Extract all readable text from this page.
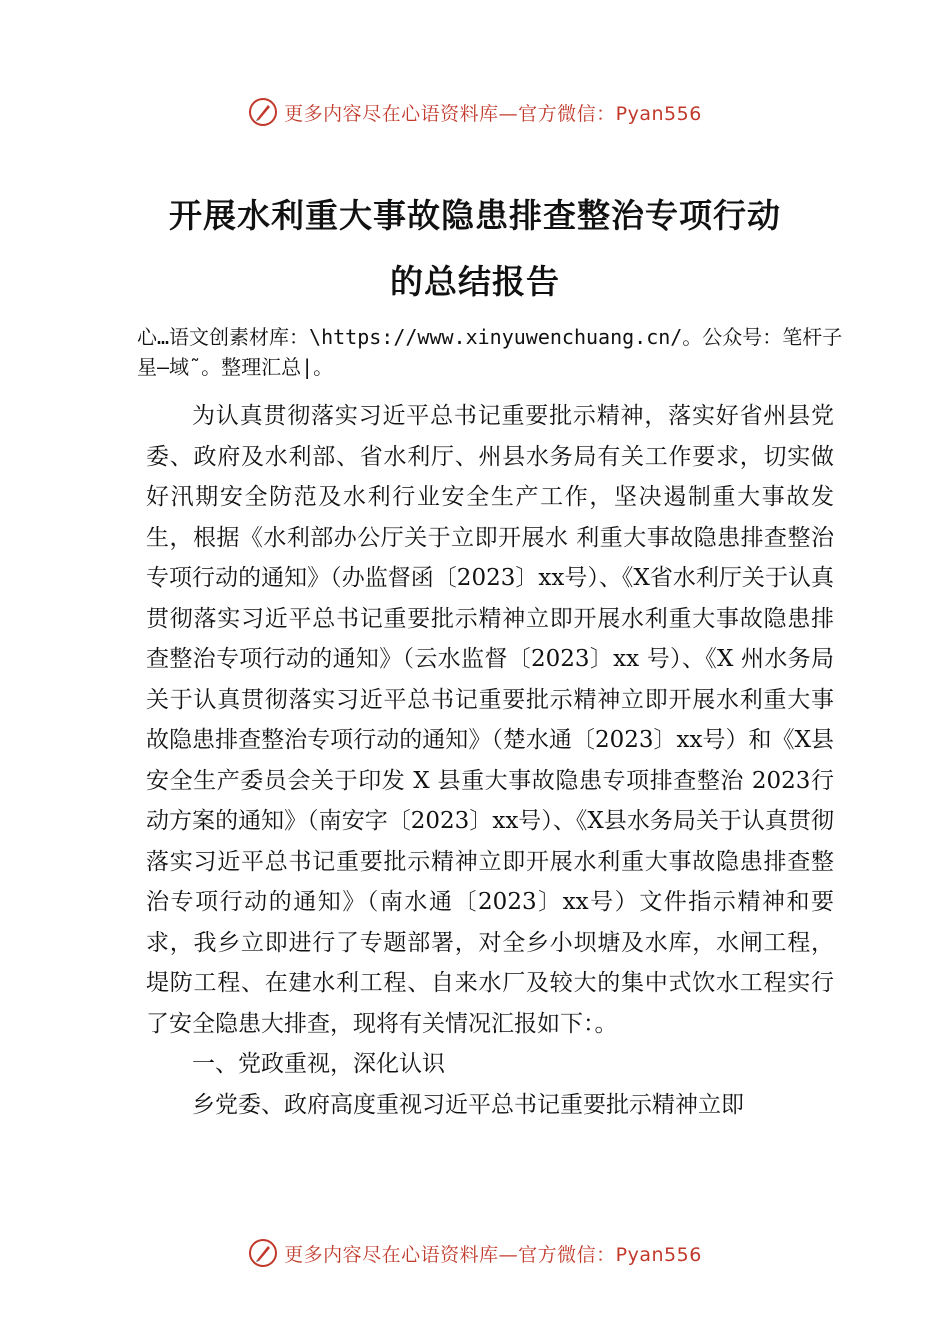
更多内容尽在心语资料库—官方微信：Pyan556
开展水利重大事故隐患排查整治专项行动
的总结报告
心…语文创素材库：\https://www.xinyuwenchuang.cn/。公众号：笔杆子星—域˜。整理汇总|。

为认真贯彻落实习近平总书记重要批示精神，落实好省州县党委、政府及水利部、省水利厅、州县水务局有关工作要求，切实做好汛期安全防范及水利行业安全生产工作，坚决遏制重大事故发生，根据《水利部办公厅关于立即开展水 利重大事故隐患排查整治专项行动的通知》（办监督函〔2023〕xx号）、《X省水利厅关于认真贯彻落实习近平总书记重要批示精神立即开展水利重大事故隐患排查整治专项行动的通知》（云水监督〔2023〕xx 号）、《X 州水务局关于认真贯彻落实习近平总书记重要批示精神立即开展水利重大事故隐患排查整治专项行动的通知》（楚水通〔2023〕xx号）和《X县安全生产委员会关于印发 X 县重大事故隐患专项排查整治 2023行动方案的通知》（南安字〔2023〕xx号）、《X县水务局关于认真贯彻落实习近平总书记重要批示精神立即开展水利重大事故隐患排查整治专项行动的通知》（南水通〔2023〕xx号）文件指示精神和要求，我乡立即进行了专题部署，对全乡小坝塘及水库，水闸工程，堤防工程、在建水利工程、自来水厂及较大的集中式饮水工程实行了安全隐患大排查，现将有关情况汇报如下：。

一、党政重视，深化认识

乡党委、政府高度重视习近平总书记重要批示精神立即

更多内容尽在心语资料库—官方微信：Pyan556
